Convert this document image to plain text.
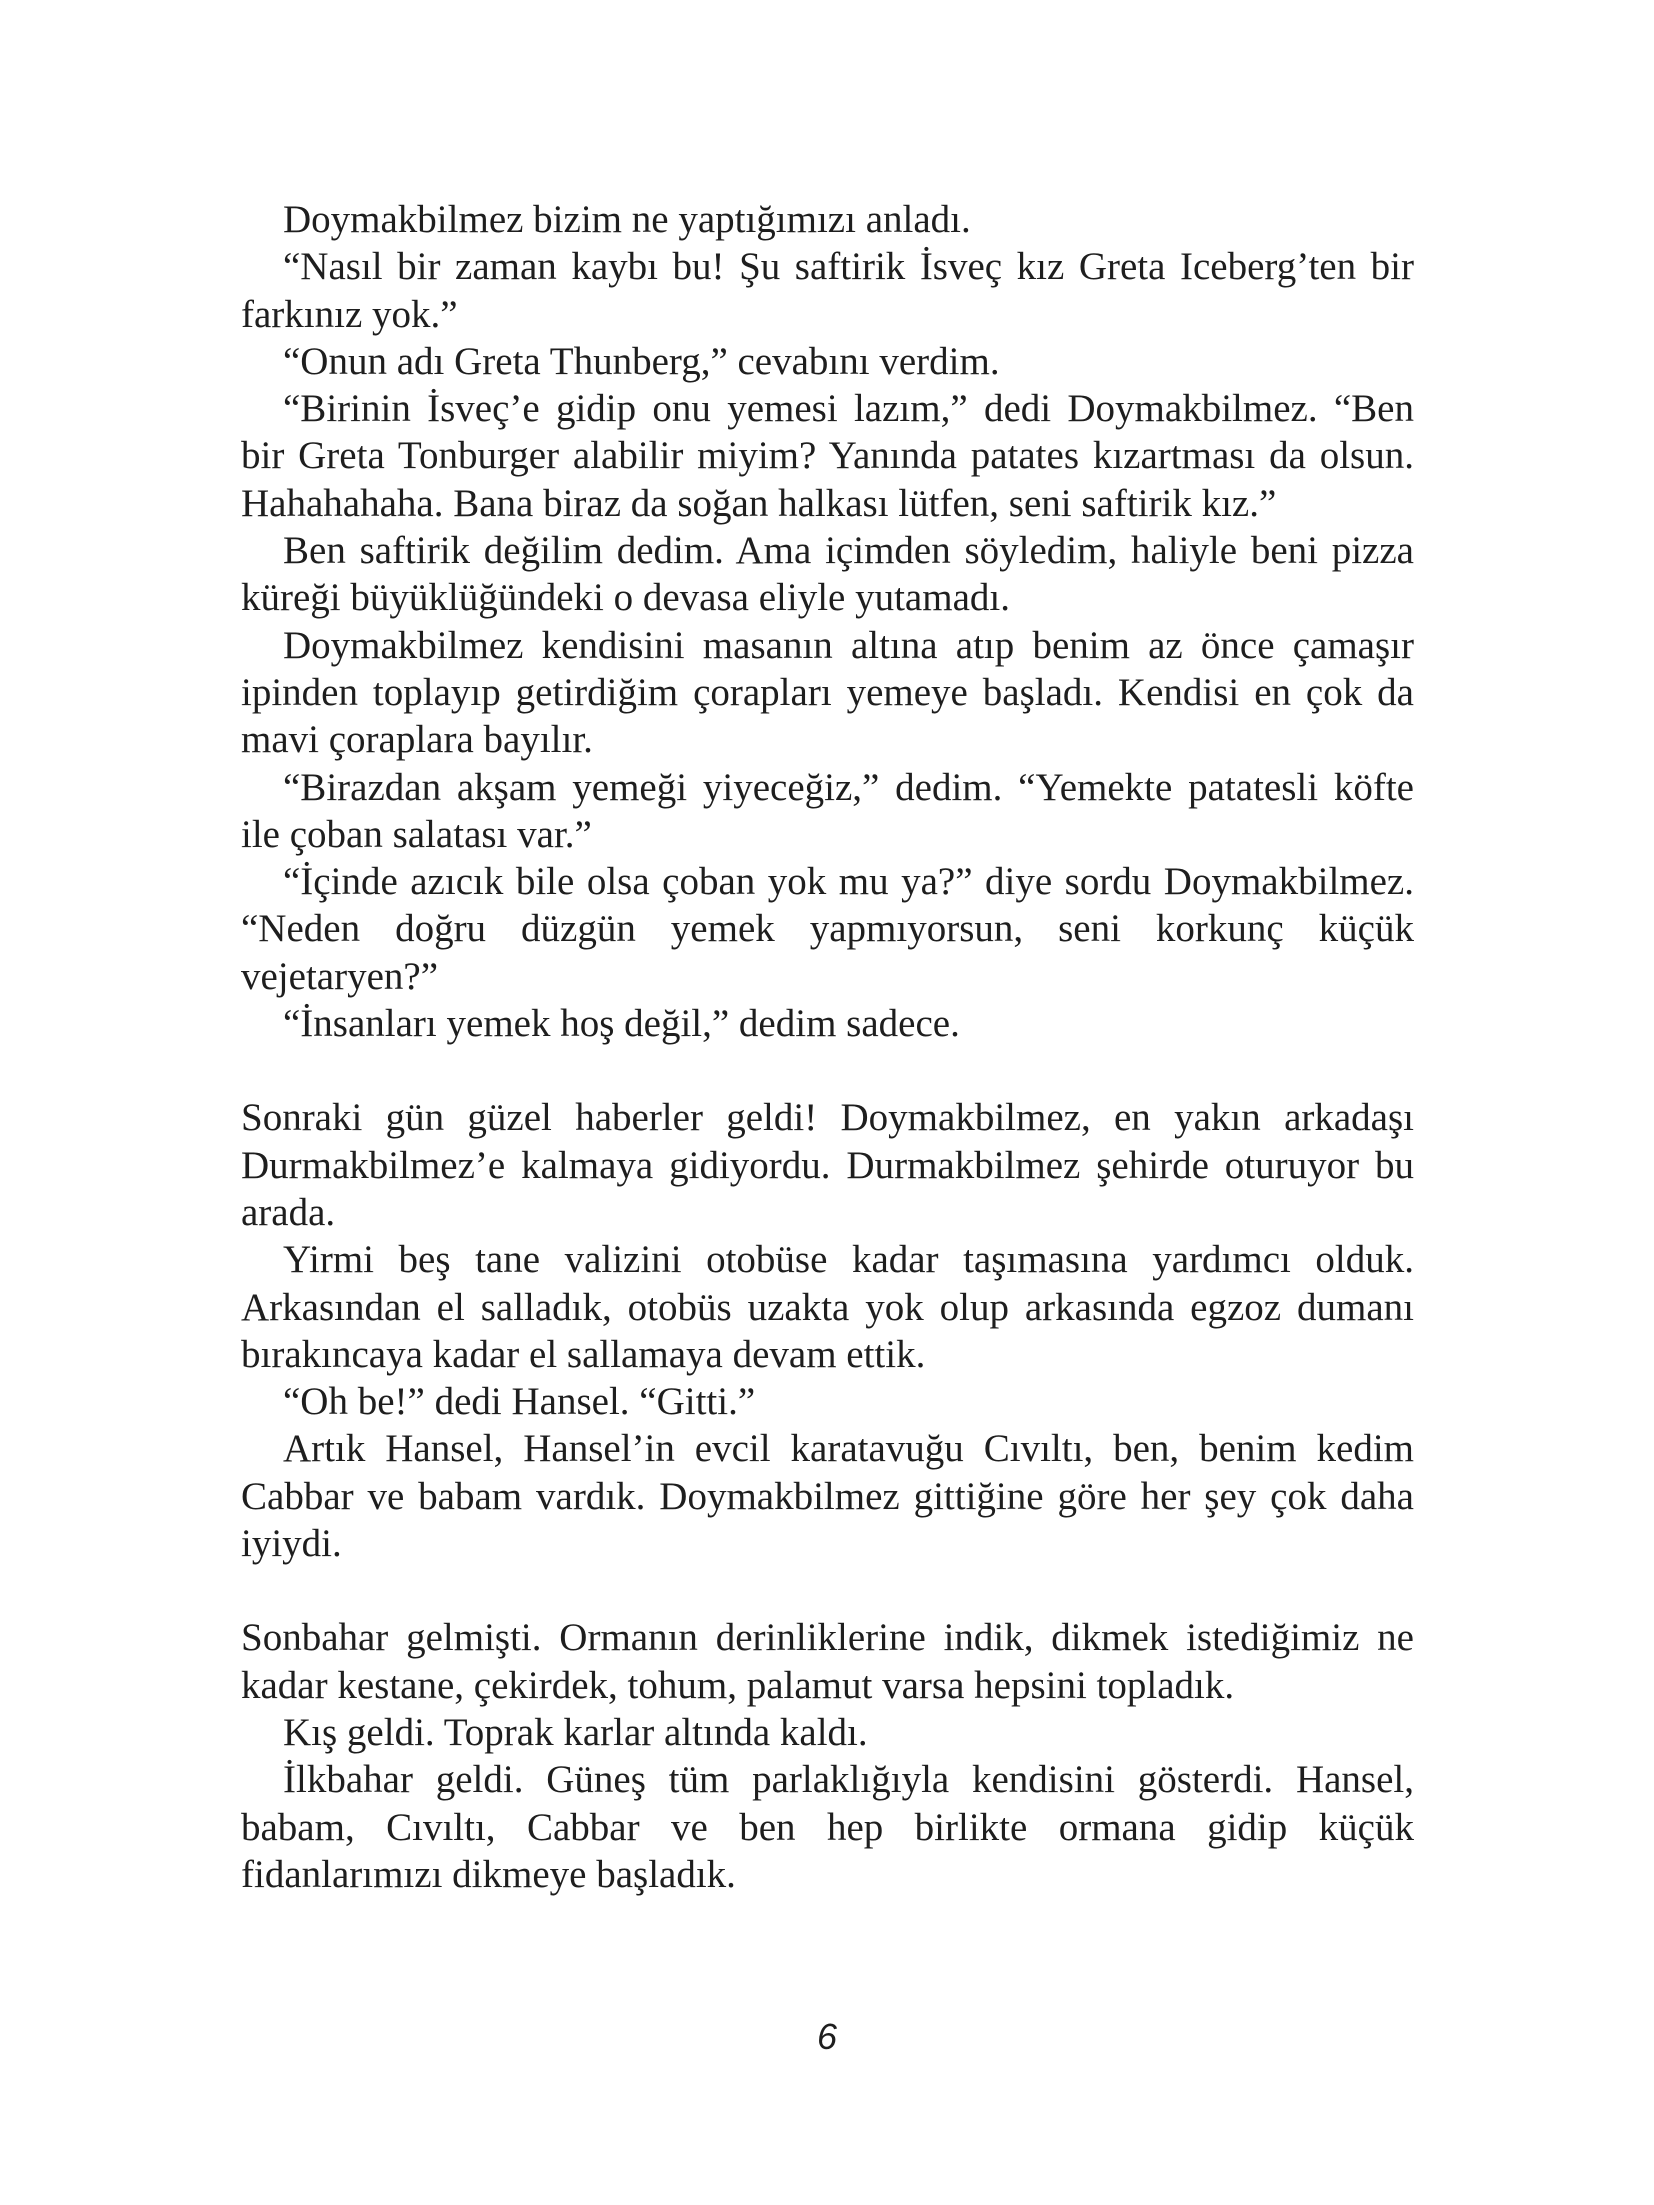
Doymakbilmez bizim ne yaptığımızı anladı.

“Nasıl bir zaman kaybı bu! Şu saftirik İsveç kız Greta Iceberg’ten bir farkınız yok.”

“Onun adı Greta Thunberg,” cevabını verdim.

“Birinin İsveç’e gidip onu yemesi lazım,” dedi Doymakbilmez. “Ben bir Greta Tonburger alabilir miyim? Yanında patates kızartması da olsun. Hahahahaha. Bana biraz da soğan halkası lütfen, seni saftirik kız.”

Ben saftirik değilim dedim. Ama içimden söyledim, haliyle beni pizza küreği büyüklüğündeki o devasa eliyle yutamadı.

Doymakbilmez kendisini masanın altına atıp benim az önce çamaşır ipinden toplayıp getirdiğim çorapları yemeye başladı. Kendisi en çok da mavi çoraplara bayılır.

“Birazdan akşam yemeği yiyeceğiz,” dedim. “Yemekte patatesli köfte ile çoban salatası var.”

“İçinde azıcık bile olsa çoban yok mu ya?” diye sordu Doymakbilmez. “Neden doğru düzgün yemek yapmıyorsun, seni korkunç küçük vejetaryen?”

“İnsanları yemek hoş değil,” dedim sadece.

Sonraki gün güzel haberler geldi! Doymakbilmez, en yakın arkadaşı Durmakbilmez’e kalmaya gidiyordu. Durmakbilmez şehirde oturuyor bu arada.

Yirmi beş tane valizini otobüse kadar taşımasına yardımcı olduk. Arkasından el salladık, otobüs uzakta yok olup arkasında egzoz dumanı bırakıncaya kadar el sallamaya devam ettik.

“Oh be!” dedi Hansel. “Gitti.”

Artık Hansel, Hansel’in evcil karatavuğu Cıvıltı, ben, benim kedim Cabbar ve babam vardık. Doymakbilmez gittiğine göre her şey çok daha iyiydi.

Sonbahar gelmişti. Ormanın derinliklerine indik, dikmek istediğimiz ne kadar kestane, çekirdek, tohum, palamut varsa hepsini topladık.

Kış geldi. Toprak karlar altında kaldı.

İlkbahar geldi. Güneş tüm parlaklığıyla kendisini gösterdi. Hansel, babam, Cıvıltı, Cabbar ve ben hep birlikte ormana gidip küçük fidanlarımızı dikmeye başladık.

6
